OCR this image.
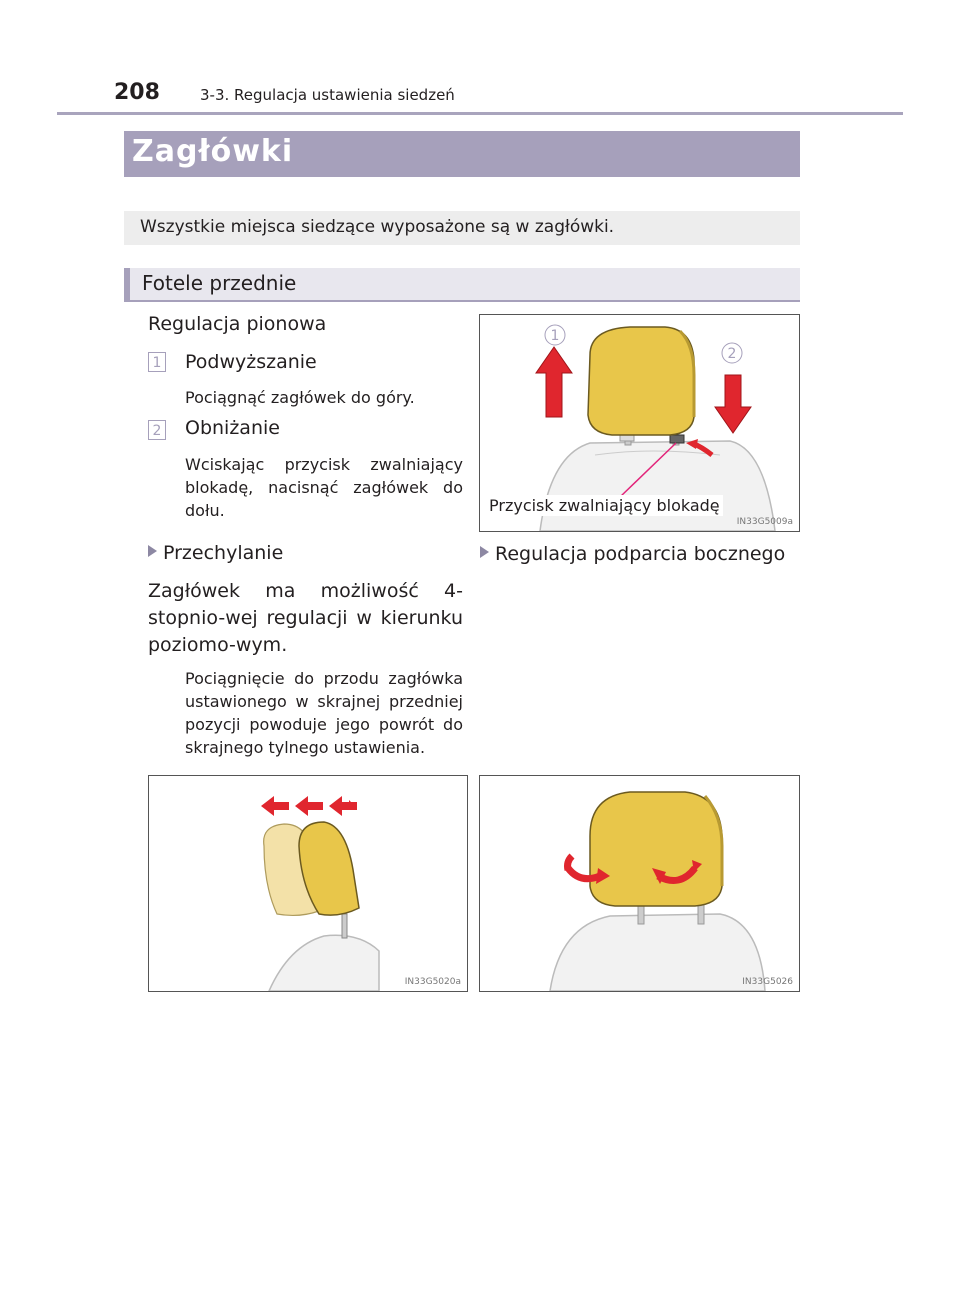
208	3-3. Regulacja ustawienia siedzeń
Zagłówki
Wszystkie miejsca siedzące wyposażone są w zagłówki.
Fotele przednie
Regulacja pionowa
1 Podwyższanie
Pociągnąć zagłówek do góry.
2 Obniżanie
Wciskając przycisk zwalniający blokadę, nacisnąć zagłówek do dołu.
1
2
Przycisk zwalniający blokadę
IN33G5009a
Przechylanie
Zagłówek ma możliwość 4-stopnio-wej regulacji w kierunku poziomo-wym.
Pociągnięcie do przodu zagłówka ustawionego w skrajnej przedniej pozycji powoduje jego powrót do skrajnego tylnego ustawienia.
Regulacja podparcia bocznego
IN33G5020a	IN33G5026
